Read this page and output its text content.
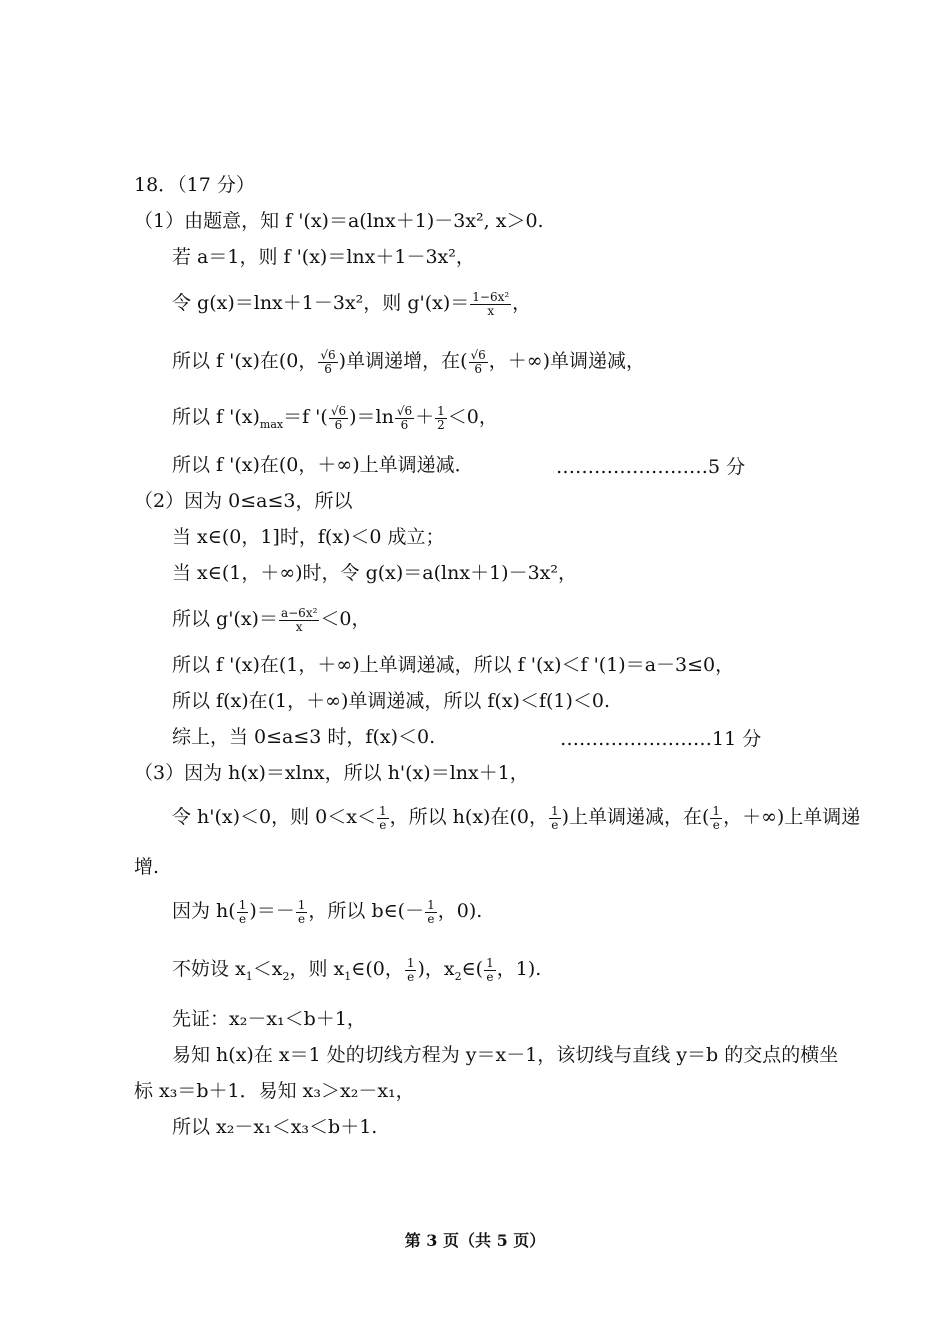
18．（17 分）
（1）由题意，知 f '(x)＝a(lnx＋1)－3x², x＞0.
若 a＝1，则 f '(x)＝lnx＋1－3x²，
令 g(x)＝lnx＋1－3x²，则 $g'(x)= \frac{\text{1−6x²}}{x}$ ，
所以 f '(x)在(0， $\frac{√6}{6}$ )单调递增，在( $\frac{√6}{6}$ ，＋∞)单调递减，
所以 f '$(x)_{max}=f$ '( $\frac{√6}{6} )=\ln \frac{√6}{6} + \frac{1}{2} <0$，
所以 f '(x)在(0，＋∞)上单调递减．	……………………5 分
（2）因为 0≤a≤3，所以
当 x∈(0，1]时，f(x)＜0 成立；
当 x∈(1，＋∞)时，令 g(x)＝a(lnx＋1)－3x²，
所以 $g'(x)= \frac{\text{a−6x²}}{x} <0$，
所以 f '(x)在(1，＋∞)上单调递减，所以 f '(x)＜f '(1)＝a－3≤0，
所以 f(x)在(1，＋∞)单调递减，所以 f(x)＜f(1)＜0.
综上，当 0≤a≤3 时，f(x)＜0.	……………………11 分
（3）因为 h(x)＝xlnx，所以 h'(x)＝lnx＋1，
令 h'(x)＜0，则 $0<x< \frac{1}{e}$ ，所以 h(x)在(0， $\frac{1}{e}$ )上单调递减，在( $\frac{1}{e}$ ，＋∞)上单调递
增.
因为 $h( \frac{1}{e}$ )＝－ $\frac{1}{e}$ ，所以 b∈(－ $\frac{1}{e}$ ，0).
不妨设 $x_1<x_2$，则 $x_1\in(0$， $\frac{1}{e}$ )，$x_2\in( \frac{1}{e}$ ，1).
先证：x₂－x₁＜b＋1，
易知 h(x)在 x＝1 处的切线方程为 y＝x－1，该切线与直线 y＝b 的交点的横坐
标 x₃＝b＋1．易知 x₃＞x₂－x₁，
所以 x₂－x₁＜x₃＜b＋1.
第 3 页（共 5 页）
